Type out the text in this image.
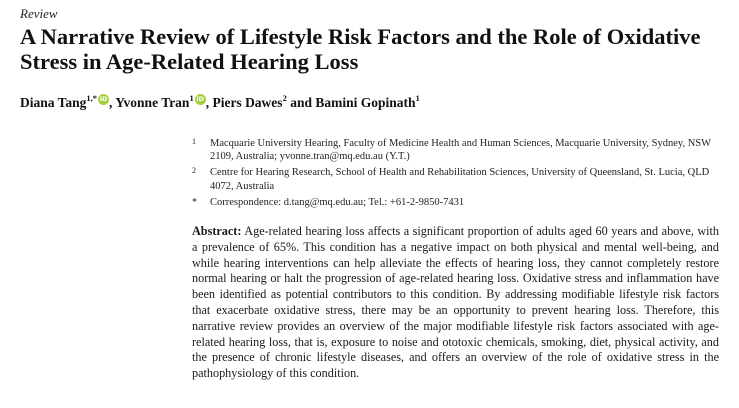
Review
A Narrative Review of Lifestyle Risk Factors and the Role of Oxidative Stress in Age-Related Hearing Loss
Diana Tang$^{1,*}$ iD , Yvonne Tran$^1$ iD , Piers Dawes$^2$ and Bamini Gopinath$^1$
1 Macquarie University Hearing, Faculty of Medicine Health and Human Sciences, Macquarie University, Sydney, NSW 2109, Australia; yvonne.tran@mq.edu.au (Y.T.)
2 Centre for Hearing Research, School of Health and Rehabilitation Sciences, University of Queensland, St. Lucia, QLD 4072, Australia
* Correspondence: d.tang@mq.edu.au; Tel.: +61-2-9850-7431
Abstract: Age-related hearing loss affects a significant proportion of adults aged 60 years and above, with a prevalence of 65%. This condition has a negative impact on both physical and mental well-being, and while hearing interventions can help alleviate the effects of hearing loss, they cannot completely restore normal hearing or halt the progression of age-related hearing loss. Oxidative stress and inflammation have been identified as potential contributors to this condition. By addressing modifiable lifestyle risk factors that exacerbate oxidative stress, there may be an opportunity to prevent hearing loss. Therefore, this narrative review provides an overview of the major modifiable lifestyle risk factors associated with age-related hearing loss, that is, exposure to noise and ototoxic chemicals, smoking, diet, physical activity, and the presence of chronic lifestyle diseases, and offers an overview of the role of oxidative stress in the pathophysiology of this condition.
